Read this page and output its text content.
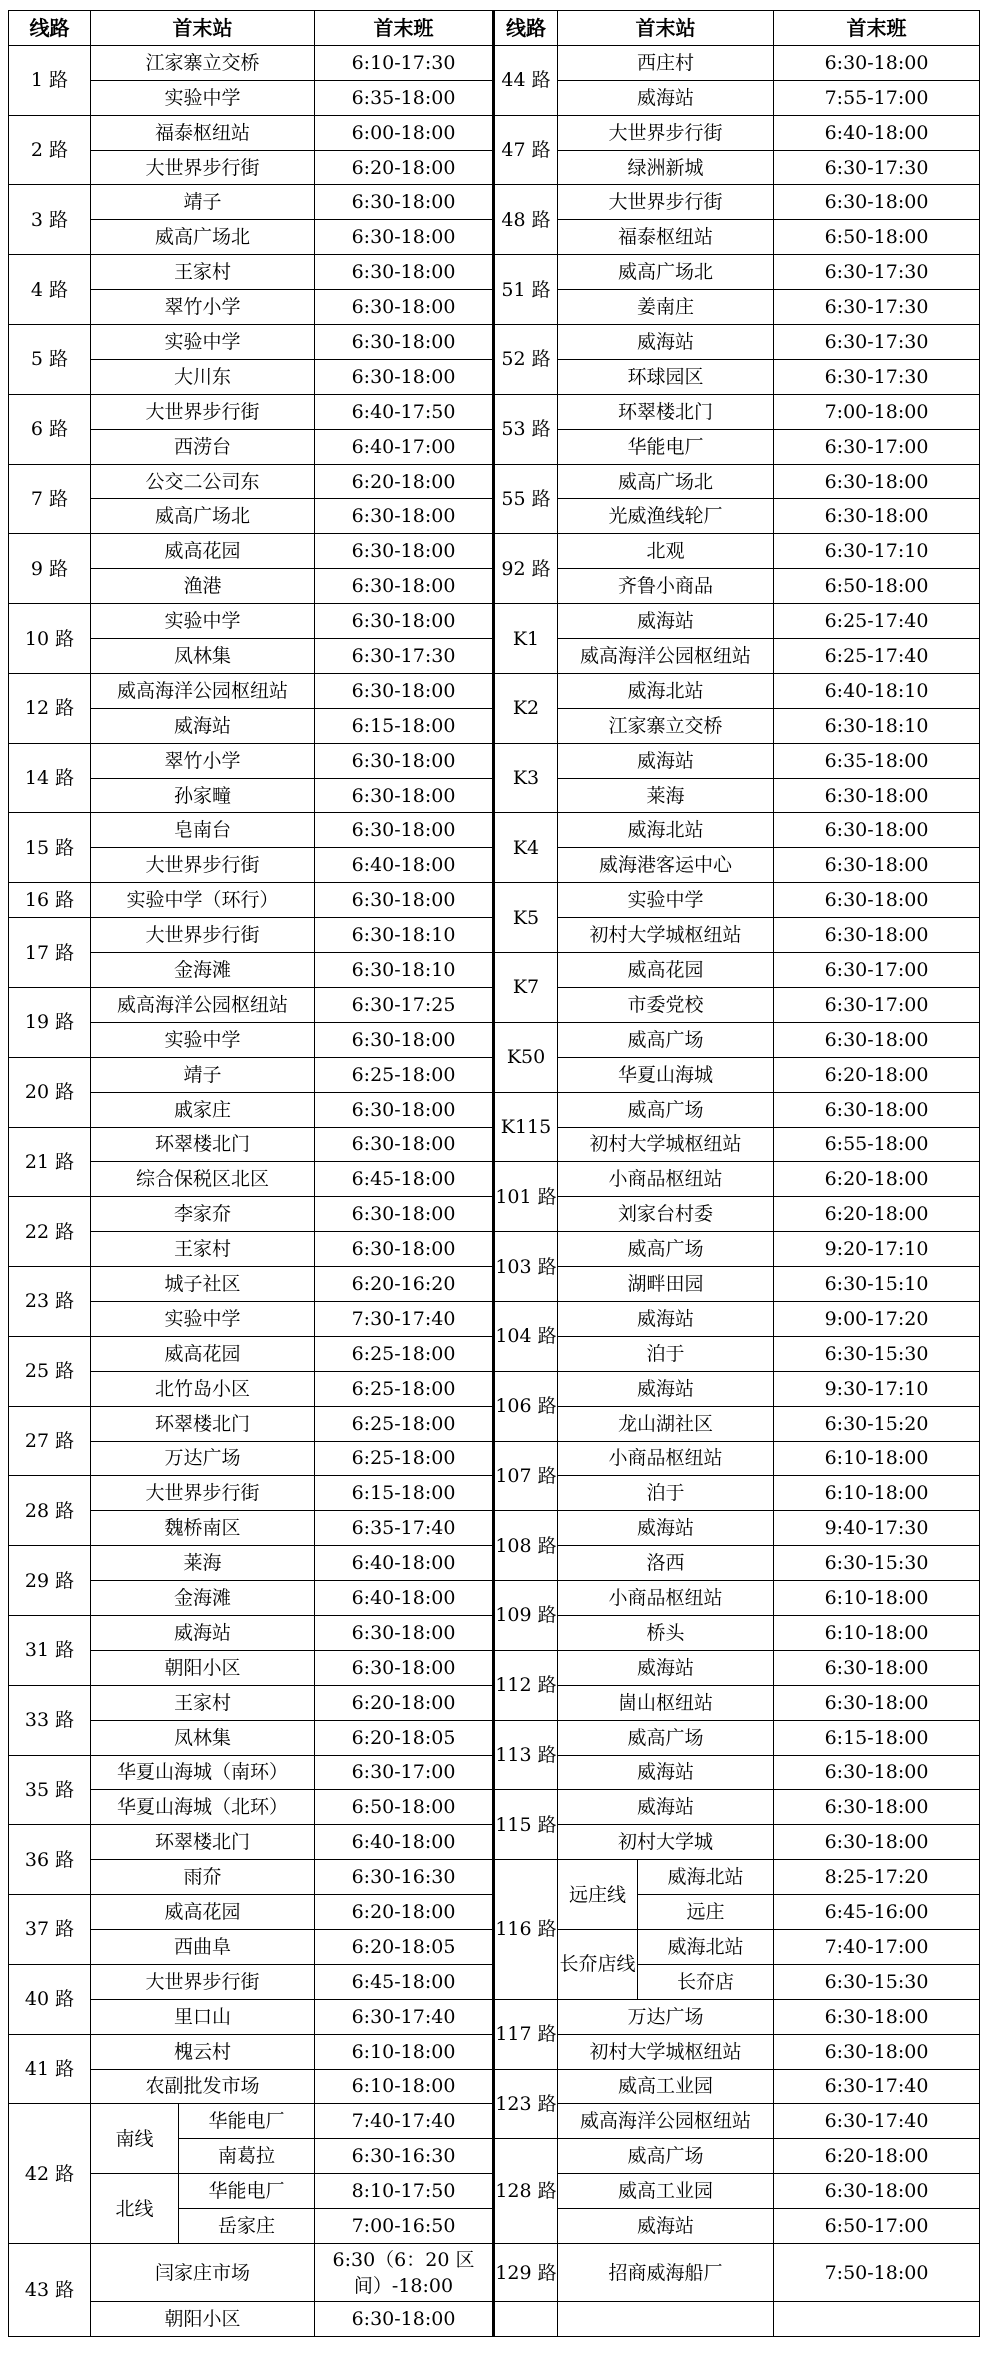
线路	首末站		首末班
1 路	江家寨立交桥		6:10-17:30
	实验中学		6:35-18:00
2 路	福泰枢纽站		6:00-18:00
	大世界步行街		6:20-18:00
3 路	靖子		6:30-18:00
	威高广场北		6:30-18:00
4 路	王家村		6:30-18:00
	翠竹小学		6:30-18:00
5 路	实验中学		6:30-18:00
	大川东		6:30-18:00
6 路	大世界步行街		6:40-17:50
	西涝台		6:40-17:00
7 路	公交二公司东		6:20-18:00
	威高广场北		6:30-18:00
9 路	威高花园		6:30-18:00
	渔港		6:30-18:00
10 路	实验中学		6:30-18:00
	凤林集		6:30-17:30
12 路	威高海洋公园枢纽站		6:30-18:00
	威海站		6:15-18:00
14 路	翠竹小学		6:30-18:00
	孙家疃		6:30-18:00
15 路	皂南台		6:30-18:00
	大世界步行街		6:40-18:00
16 路	实验中学（环行）		6:30-18:00
17 路	大世界步行街		6:30-18:10
	金海滩		6:30-18:10
19 路	威高海洋公园枢纽站		6:30-17:25
	实验中学		6:30-18:00
20 路	靖子		6:25-18:00
	戚家庄		6:30-18:00
21 路	环翠楼北门		6:30-18:00
	综合保税区北区		6:45-18:00
22 路	李家夼		6:30-18:00
	王家村		6:30-18:00
23 路	城子社区		6:20-16:20
	实验中学		7:30-17:40
25 路	威高花园		6:25-18:00
	北竹岛小区		6:25-18:00
27 路	环翠楼北门		6:25-18:00
	万达广场		6:25-18:00
28 路	大世界步行街		6:15-18:00
	魏桥南区		6:35-17:40
29 路	莱海		6:40-18:00
	金海滩		6:40-18:00
31 路	威海站		6:30-18:00
	朝阳小区		6:30-18:00
33 路	王家村		6:20-18:00
	凤林集		6:20-18:05
35 路	华夏山海城（南环）		6:30-17:00
	华夏山海城（北环）		6:50-18:00
36 路	环翠楼北门		6:40-18:00
	雨夼		6:30-16:30
37 路	威高花园		6:20-18:00
	西曲阜		6:20-18:05
40 路	大世界步行街		6:45-18:00
	里口山		6:30-17:40
41 路	槐云村		6:10-18:00
	农副批发市场		6:10-18:00
42 路	南线	华能电厂	7:40-17:40
		南葛拉	6:30-16:30
	北线	华能电厂	8:10-17:50
		岳家庄	7:00-16:50
43 路	闫家庄市场		6:30（6：20 区间）-18:00
	朝阳小区		6:30-18:00
线路	首末站		首末班
44 路	西庄村		6:30-18:00
	威海站		7:55-17:00
47 路	大世界步行街		6:40-18:00
	绿洲新城		6:30-17:30
48 路	大世界步行街		6:30-18:00
	福泰枢纽站		6:50-18:00
51 路	威高广场北		6:30-17:30
	姜南庄		6:30-17:30
52 路	威海站		6:30-17:30
	环球园区		6:30-17:30
53 路	环翠楼北门		7:00-18:00
	华能电厂		6:30-17:00
55 路	威高广场北		6:30-18:00
	光威渔线轮厂		6:30-18:00
92 路	北观		6:30-17:10
	齐鲁小商品		6:50-18:00
K1	威海站		6:25-17:40
	威高海洋公园枢纽站		6:25-17:40
K2	威海北站		6:40-18:10
	江家寨立交桥		6:30-18:10
K3	威海站		6:35-18:00
	莱海		6:30-18:00
K4	威海北站		6:30-18:00
	威海港客运中心		6:30-18:00
K5	实验中学		6:30-18:00
	初村大学城枢纽站		6:30-18:00
K7	威高花园		6:30-17:00
	市委党校		6:30-17:00
K50	威高广场		6:30-18:00
	华夏山海城		6:20-18:00
K115	威高广场		6:30-18:00
	初村大学城枢纽站		6:55-18:00
101 路	小商品枢纽站		6:20-18:00
	刘家台村委		6:20-18:00
103 路	威高广场		9:20-17:10
	湖畔田园		6:30-15:10
104 路	威海站		9:00-17:20
	泊于		6:30-15:30
106 路	威海站		9:30-17:10
	龙山湖社区		6:30-15:20
107 路	小商品枢纽站		6:10-18:00
	泊于		6:10-18:00
108 路	威海站		9:40-17:30
	洛西		6:30-15:30
109 路	小商品枢纽站		6:10-18:00
	桥头		6:10-18:00
112 路	威海站		6:30-18:00
	崮山枢纽站		6:30-18:00
113 路	威高广场		6:15-18:00
	威海站		6:30-18:00
115 路	威海站		6:30-18:00
	初村大学城		6:30-18:00
116 路	远庄线	威海北站	8:25-17:20
		远庄	6:45-16:00
	长夼店线	威海北站	7:40-17:00
		长夼店	6:30-15:30
117 路	万达广场		6:30-18:00
	初村大学城枢纽站		6:30-18:00
123 路	威高工业园		6:30-17:40
	威高海洋公园枢纽站		6:30-17:40
128 路	威高广场		6:20-18:00
	威高工业园		6:30-18:00
	威海站		6:50-17:00
129 路	招商威海船厂		7:50-18:00
